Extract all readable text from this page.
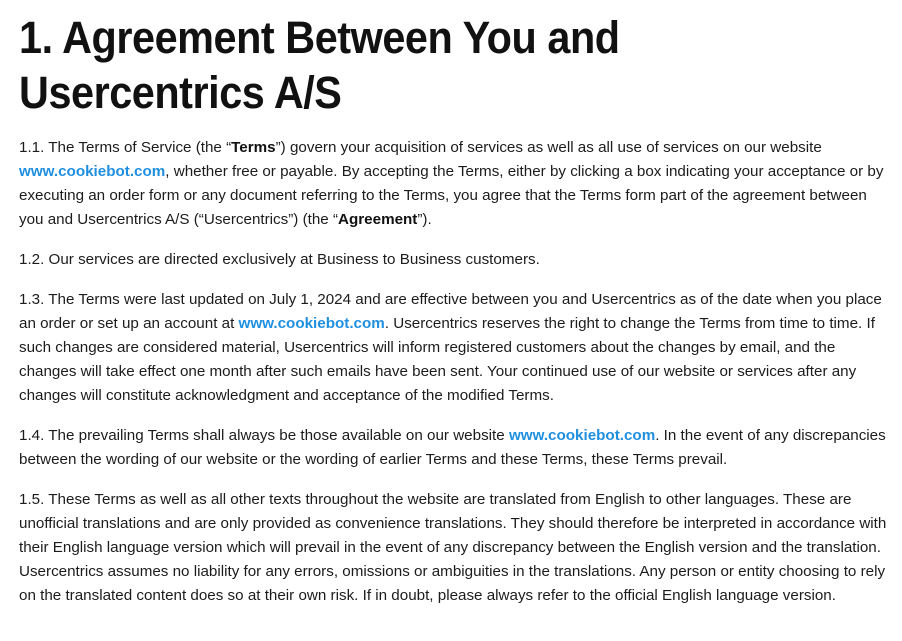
1. Agreement Between You and Usercentrics A/S

1.1. The Terms of Service (the “Terms”) govern your acquisition of services as well as all use of services on our website www.cookiebot.com, whether free or payable. By accepting the Terms, either by clicking a box indicating your acceptance or by executing an order form or any document referring to the Terms, you agree that the Terms form part of the agreement between you and Usercentrics A/S (“Usercentrics”) (the “Agreement”).

1.2. Our services are directed exclusively at Business to Business customers.

1.3. The Terms were last updated on July 1, 2024 and are effective between you and Usercentrics as of the date when you place an order or set up an account at www.cookiebot.com. Usercentrics reserves the right to change the Terms from time to time. If such changes are considered material, Usercentrics will inform registered customers about the changes by email, and the changes will take effect one month after such emails have been sent. Your continued use of our website or services after any changes will constitute acknowledgment and acceptance of the modified Terms.

1.4. The prevailing Terms shall always be those available on our website www.cookiebot.com. In the event of any discrepancies between the wording of our website or the wording of earlier Terms and these Terms, these Terms prevail.

1.5. These Terms as well as all other texts throughout the website are translated from English to other languages. These are unofficial translations and are only provided as convenience translations. They should therefore be interpreted in accordance with their English language version which will prevail in the event of any discrepancy between the English version and the translation. Usercentrics assumes no liability for any errors, omissions or ambiguities in the translations. Any person or entity choosing to rely on the translated content does so at their own risk. If in doubt, please always refer to the official English language version.
